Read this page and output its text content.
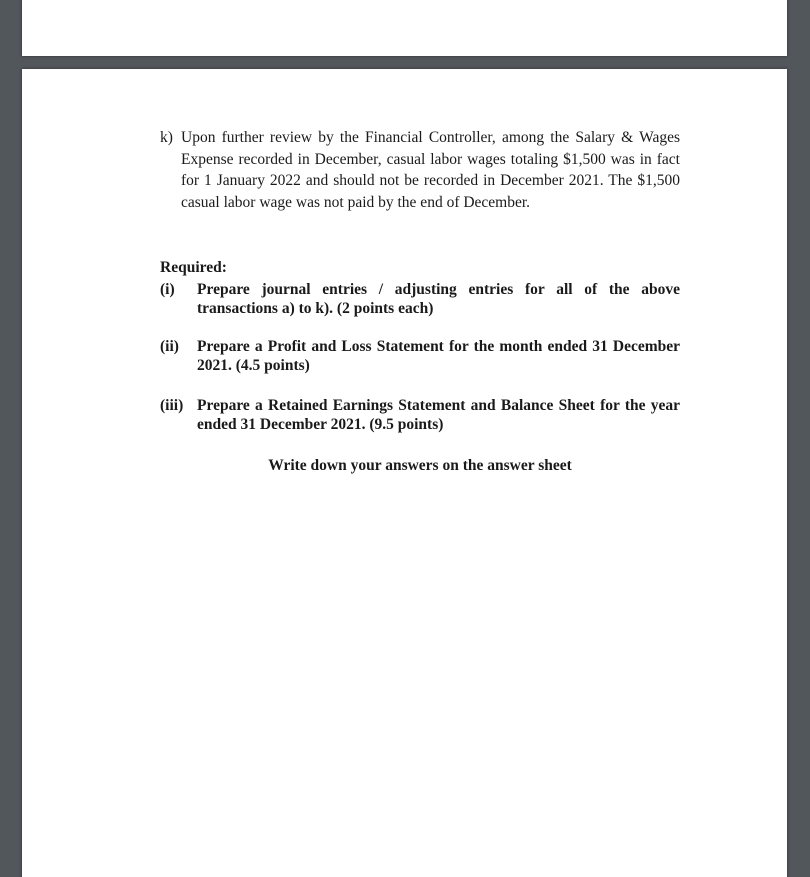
k) Upon further review by the Financial Controller, among the Salary & Wages Expense recorded in December, casual labor wages totaling $1,500 was in fact for 1 January 2022 and should not be recorded in December 2021. The $1,500 casual labor wage was not paid by the end of December.
Required:
(i) Prepare journal entries / adjusting entries for all of the above transactions a) to k). (2 points each)
(ii) Prepare a Profit and Loss Statement for the month ended 31 December 2021. (4.5 points)
(iii) Prepare a Retained Earnings Statement and Balance Sheet for the year ended 31 December 2021. (9.5 points)
Write down your answers on the answer sheet
